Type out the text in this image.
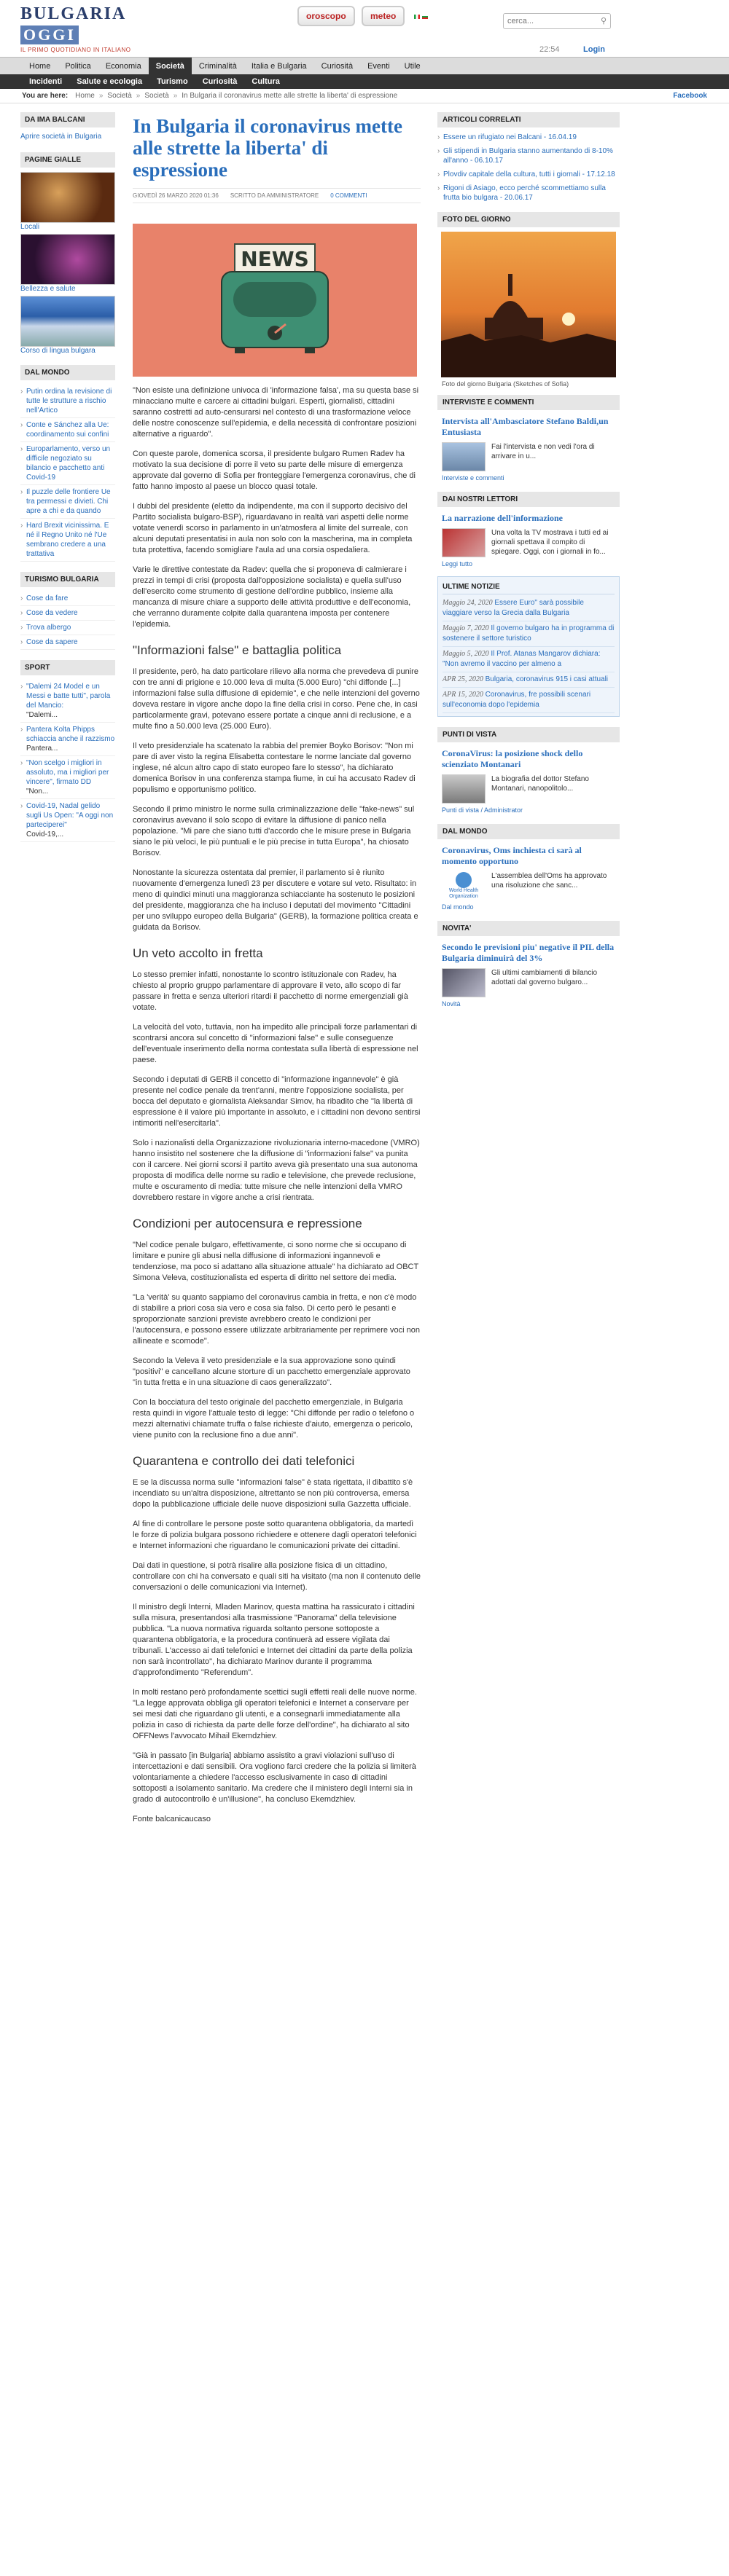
BULGARIA
OGGI
IL PRIMO QUOTIDIANO IN ITALIANO
oroscopo	meteo
cerca...	⚲
22:54	Login
Home	Politica	Economia	Società	Criminalità	Italia e Bulgaria	Curiosità	Eventi	Utile
Incidenti	Salute e ecologia	Turismo	Curiosità	Cultura
You are here: Home » Società » Società » In Bulgaria il coronavirus mette alle strette la liberta' di espressione	Facebook
DA IMA BALCANI
Aprire società in Bulgaria
PAGINE GIALLE
Locali
Bellezza e salute
Corso di lingua bulgara
DAL MONDO
› Putin ordina la revisione di tutte le strutture a rischio nell'Artico
› Conte e Sánchez alla Ue: coordinamento sui confini
› Europarlamento, verso un difficile negoziato su bilancio e pacchetto anti Covid-19
› Il puzzle delle frontiere Ue tra permessi e divieti. Chi apre a chi e da quando
› Hard Brexit vicinissima. E né il Regno Unito né l'Ue sembrano credere a una trattativa
TURISMO BULGARIA
› Cose da fare
› Cose da vedere
› Trova albergo
› Cose da sapere
SPORT
› "Dalemi 24 Model e un Messi e batte tutti", parola del Mancio:
"Dalemi...
› Pantera Kolta Phipps schiaccia anche il razzismo
Pantera...
› "Non scelgo i migliori in assoluto, ma i migliori per vincere", firmato DD
"Non...
› Covid-19, Nadal gelido sugli Us Open: "A oggi non parteciperei"
Covid-19,...
In Bulgaria il coronavirus mette alle strette la liberta' di espressione
GIOVEDÌ 26 MARZO 2020 01:36 SCRITTO DA AMMINISTRATORE 0 COMMENTI
NEWS

"Non esiste una definizione univoca di 'informazione falsa', ma su questa base si minacciano multe e carcere ai cittadini bulgari. Esperti, giornalisti, cittadini saranno costretti ad auto-censurarsi nel contesto di una trasformazione veloce delle nostre conoscenze sull'epidemia, e della necessità di confrontare posizioni alternative a riguardo".

Con queste parole, domenica scorsa, il presidente bulgaro Rumen Radev ha motivato la sua decisione di porre il veto su parte delle misure di emergenza approvate dal governo di Sofia per fronteggiare l'emergenza coronavirus, che di fatto hanno imposto al paese un blocco quasi totale.

I dubbi del presidente (eletto da indipendente, ma con il supporto decisivo del Partito socialista bulgaro-BSP), riguardavano in realtà vari aspetti delle norme votate venerdì scorso in parlamento in un'atmosfera al limite del surreale, con alcuni deputati presentatisi in aula non solo con la mascherina, ma in completa tuta protettiva, facendo somigliare l'aula ad una corsia ospedaliera.

Varie le direttive contestate da Radev: quella che si proponeva di calmierare i prezzi in tempi di crisi (proposta dall'opposizione socialista) e quella sull'uso dell'esercito come strumento di gestione dell'ordine pubblico, insieme alla mancanza di misure chiare a supporto delle attività produttive e dell'economia, che verranno duramente colpite dalla quarantena imposta per contenere l'epidemia.

"Informazioni false" e battaglia politica

Il presidente, però, ha dato particolare rilievo alla norma che prevedeva di punire con tre anni di prigione e 10.000 leva di multa (5.000 Euro) "chi diffonde [...] informazioni false sulla diffusione di epidemie", e che nelle intenzioni del governo doveva restare in vigore anche dopo la fine della crisi in corso. Pene che, in casi particolarmente gravi, potevano essere portate a cinque anni di reclusione, e a multe fino a 50.000 leva (25.000 Euro).

Il veto presidenziale ha scatenato la rabbia del premier Boyko Borisov: "Non mi pare di aver visto la regina Elisabetta contestare le norme lanciate dal governo inglese, né alcun altro capo di stato europeo fare lo stesso", ha dichiarato domenica Borisov in una conferenza stampa fiume, in cui ha accusato Radev di populismo e opportunismo politico.

Secondo il primo ministro le norme sulla criminalizzazione delle "fake-news" sul coronavirus avevano il solo scopo di evitare la diffusione di panico nella popolazione. "Mi pare che siano tutti d'accordo che le misure prese in Bulgaria siano le più veloci, le più puntuali e le più precise in tutta Europa", ha chiosato Borisov.

Nonostante la sicurezza ostentata dal premier, il parlamento si è riunito nuovamente d'emergenza lunedì 23 per discutere e votare sul veto. Risultato: in meno di quindici minuti una maggioranza schiacciante ha sostenuto le posizioni del presidente, maggioranza che ha incluso i deputati del movimento "Cittadini per uno sviluppo europeo della Bulgaria" (GERB), la formazione politica creata e guidata da Borisov.

Un veto accolto in fretta

Lo stesso premier infatti, nonostante lo scontro istituzionale con Radev, ha chiesto al proprio gruppo parlamentare di approvare il veto, allo scopo di far passare in fretta e senza ulteriori ritardi il pacchetto di norme emergenziali già votate.

La velocità del voto, tuttavia, non ha impedito alle principali forze parlamentari di scontrarsi ancora sul concetto di "informazioni false" e sulle conseguenze dell'eventuale inserimento della norma contestata sulla libertà di espressione nel paese.

Secondo i deputati di GERB il concetto di "informazione ingannevole" è già presente nel codice penale da trent'anni, mentre l'opposizione socialista, per bocca del deputato e giornalista Aleksandar Simov, ha ribadito che "la libertà di espressione è il valore più importante in assoluto, e i cittadini non devono sentirsi intimoriti nell'esercitarla".

Solo i nazionalisti della Organizzazione rivoluzionaria interno-macedone (VMRO) hanno insistito nel sostenere che la diffusione di "informazioni false" va punita con il carcere. Nei giorni scorsi il partito aveva già presentato una sua autonoma proposta di modifica delle norme su radio e televisione, che prevede reclusione, multe e oscuramento di media: tutte misure che nelle intenzioni della VMRO dovrebbero restare in vigore anche a crisi rientrata.

Condizioni per autocensura e repressione

"Nel codice penale bulgaro, effettivamente, ci sono norme che si occupano di limitare e punire gli abusi nella diffusione di informazioni ingannevoli e tendenziose, ma poco si adattano alla situazione attuale" ha dichiarato ad OBCT Simona Veleva, costituzionalista ed esperta di diritto nel settore dei media.

"La 'verità' su quanto sappiamo del coronavirus cambia in fretta, e non c'è modo di stabilire a priori cosa sia vero e cosa sia falso. Di certo però le pesanti e sproporzionate sanzioni previste avrebbero creato le condizioni per l'autocensura, e possono essere utilizzate arbitrariamente per reprimere voci non allineate e scomode".

Secondo la Veleva il veto presidenziale e la sua approvazione sono quindi "positivi" e cancellano alcune storture di un pacchetto emergenziale approvato "in tutta fretta e in una situazione di caos generalizzato".

Con la bocciatura del testo originale del pacchetto emergenziale, in Bulgaria resta quindi in vigore l'attuale testo di legge: "Chi diffonde per radio o telefono o mezzi alternativi chiamate truffa o false richieste d'aiuto, emergenza o pericolo, viene punito con la reclusione fino a due anni".

Quarantena e controllo dei dati telefonici

E se la discussa norma sulle "informazioni false" è stata rigettata, il dibattito s'è incendiato su un'altra disposizione, altrettanto se non più controversa, emersa dopo la pubblicazione ufficiale delle nuove disposizioni sulla Gazzetta ufficiale.

Al fine di controllare le persone poste sotto quarantena obbligatoria, da martedì le forze di polizia bulgara possono richiedere e ottenere dagli operatori telefonici e Internet informazioni che riguardano le comunicazioni private dei cittadini.

Dai dati in questione, si potrà risalire alla posizione fisica di un cittadino, controllare con chi ha conversato e quali siti ha visitato (ma non il contenuto delle conversazioni o delle comunicazioni via Internet).

Il ministro degli Interni, Mladen Marinov, questa mattina ha rassicurato i cittadini sulla misura, presentandosi alla trasmissione "Panorama" della televisione pubblica. "La nuova normativa riguarda soltanto persone sottoposte a quarantena obbligatoria, e la procedura continuerà ad essere vigilata dai tribunali. L'accesso ai dati telefonici e Internet dei cittadini da parte della polizia non sarà incontrollato", ha dichiarato Marinov durante il programma d'approfondimento "Referendum".

In molti restano però profondamente scettici sugli effetti reali delle nuove norme. "La legge approvata obbliga gli operatori telefonici e Internet a conservare per sei mesi dati che riguardano gli utenti, e a consegnarli immediatamente alla polizia in caso di richiesta da parte delle forze dell'ordine", ha dichiarato al sito OFFNews l'avvocato Mihail Ekemdzhiev.

"Già in passato [in Bulgaria] abbiamo assistito a gravi violazioni sull'uso di intercettazioni e dati sensibili. Ora vogliono farci credere che la polizia si limiterà volontariamente a chiedere l'accesso esclusivamente in caso di cittadini sottoposti a isolamento sanitario. Ma credere che il ministero degli Interni sia in grado di autocontrollo è un'illusione", ha concluso Ekemdzhiev.

Fonte balcanicaucaso

ARTICOLI CORRELATI
› Essere un rifugiato nei Balcani - 16.04.19
› Gli stipendi in Bulgaria stanno aumentando di 8-10% all'anno - 06.10.17
› Plovdiv capitale della cultura, tutti i giornali - 17.12.18
› Rigoni di Asiago, ecco perché scommettiamo sulla frutta bio bulgara - 20.06.17
FOTO DEL GIORNO
Foto del giorno Bulgaria (Sketches of Sofia)
INTERVISTE E COMMENTI
Intervista all'Ambasciatore Stefano Baldi,un Entusiasta
Fai l'intervista e non vedi l'ora di arrivare in u...
Interviste e commenti
DAI NOSTRI LETTORI
La narrazione dell'informazione
Una volta la TV mostrava i tutti ed ai giornali spettava il compito di spiegare. Oggi, con i giornali in fo...
Leggi tutto
ULTIME NOTIZIE
Maggio 24, 2020 Essere Euro" sarà possibile viaggiare verso la Grecia dalla Bulgaria
Maggio 7, 2020 Il governo bulgaro ha in programma di sostenere il settore turistico
Maggio 5, 2020 Il Prof. Atanas Mangarov dichiara: "Non avremo il vaccino per almeno a
APR 25, 2020 Bulgaria, coronavirus 915 i casi attuali
APR 15, 2020 Coronavirus, fre possibili scenari sull'economia dopo l'epidemia
PUNTI DI VISTA
CoronaVirus: la posizione shock dello scienziato Montanari
La biografia del dottor Stefano Montanari, nanopolitolo...
Punti di vista / Administrator
DAL MONDO
Coronavirus, Oms inchiesta ci sarà al momento opportuno
World Health Organization
L'assemblea dell'Oms ha approvato una risoluzione che sanc...
Dal mondo
NOVITA'
Secondo le previsioni piu' negative il PIL della Bulgaria diminuirà del 3%
Gli ultimi cambiamenti di bilancio adottati dal governo bulgaro...
Novità
